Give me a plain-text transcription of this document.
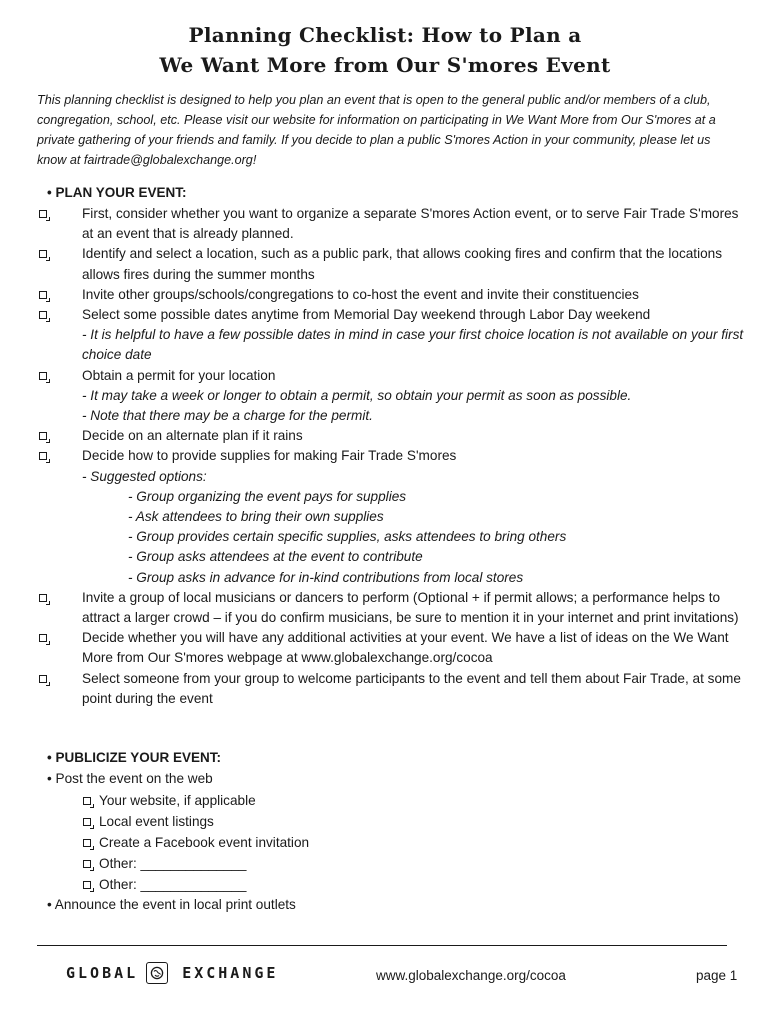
Planning Checklist: How to Plan a
We Want More from Our S'mores Event

This planning checklist is designed to help you plan an event that is open to the general public and/or members of a club, congregation, school, etc. Please visit our website for information on participating in We Want More from Our S'mores at a private gathering of your friends and family. If you decide to plan a public S'mores Action in your community, please let us know at fairtrade@globalexchange.org!

• PLAN YOUR EVENT:
First, consider whether you want to organize a separate S'mores Action event, or to serve Fair Trade S'mores at an event that is already planned.
Identify and select a location, such as a public park, that allows cooking fires and confirm that the locations allows fires during the summer months
Invite other groups/schools/congregations to co-host the event and invite their constituencies
Select some possible dates anytime from Memorial Day weekend through Labor Day weekend
- It is helpful to have a few possible dates in mind in case your first choice location is not available on your first choice date
Obtain a permit for your location
- It may take a week or longer to obtain a permit, so obtain your permit as soon as possible.
- Note that there may be a charge for the permit.
Decide on an alternate plan if it rains
Decide how to provide supplies for making Fair Trade S'mores
- Suggested options:
- Group organizing the event pays for supplies
- Ask attendees to bring their own supplies
- Group provides certain specific supplies, asks attendees to bring others
- Group asks attendees at the event to contribute
- Group asks in advance for in-kind contributions from local stores
Invite a group of local musicians or dancers to perform (Optional + if permit allows; a performance helps to attract a larger crowd – if you do confirm musicians, be sure to mention it in your internet and print invitations)
Decide whether you will have any additional activities at your event. We have a list of ideas on the We Want More from Our S'mores webpage at www.globalexchange.org/cocoa
Select someone from your group to welcome participants to the event and tell them about Fair Trade, at some point during the event
• PUBLICIZE YOUR EVENT:
• Post the event on the web
Your website, if applicable
Local event listings
Create a Facebook event invitation
Other: ______________
Other: ______________
• Announce the event in local print outlets
GLOBAL	EXCHANGE	www.globalexchange.org/cocoa	page 1
